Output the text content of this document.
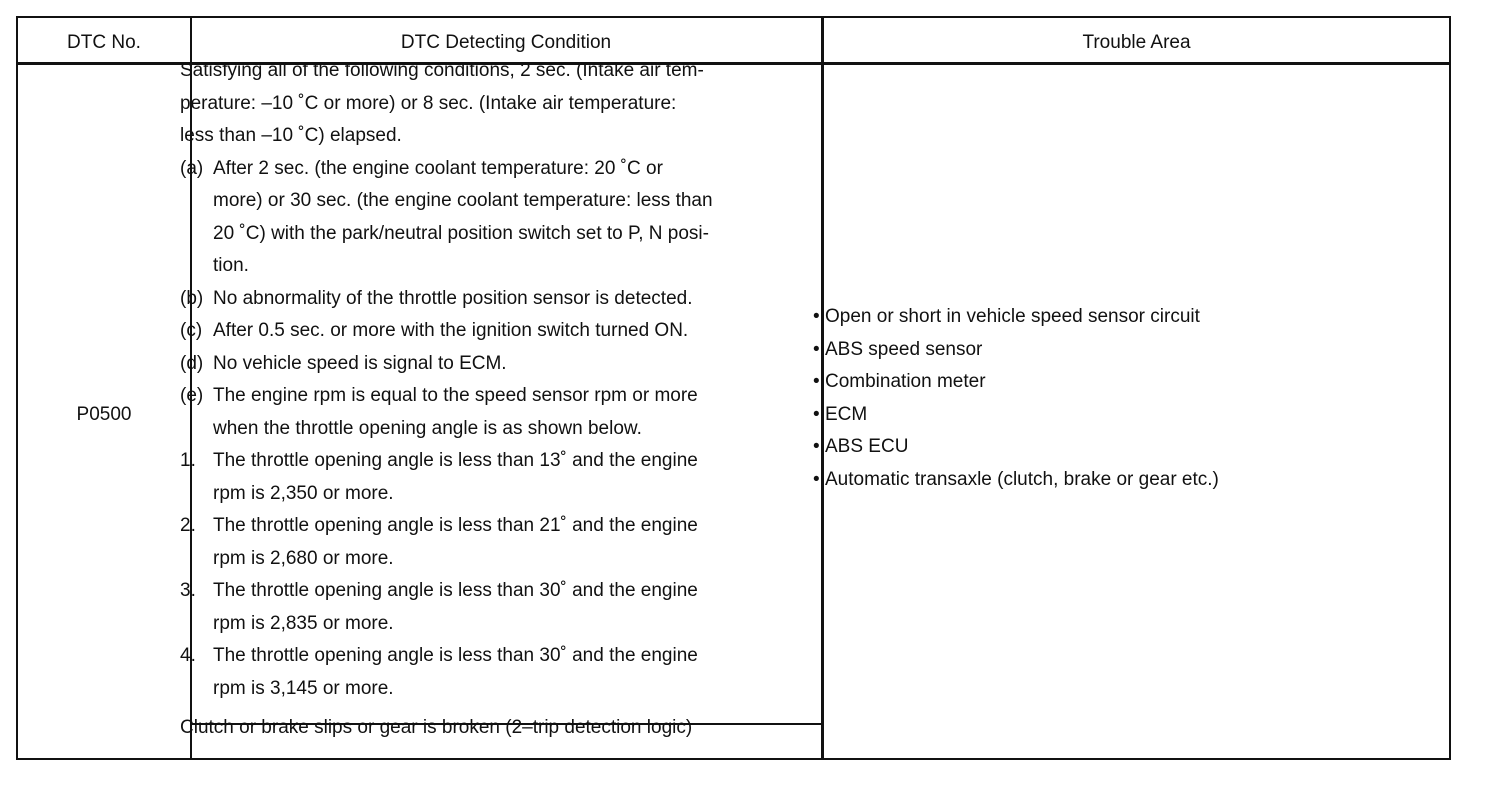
DTC No.	DTC Detecting Condition	Trouble Area
P0500

Satisfying all of the following conditions, 2 sec. (Intake air tem-

perature: –10 ˚C or more) or 8 sec. (Intake air temperature:

less than –10 ˚C) elapsed.

(a) After 2 sec. (the engine coolant temperature: 20 ˚C or
more) or 30 sec. (the engine coolant temperature: less than
20 ˚C) with the park/neutral position switch set to P, N posi-
tion.
(b) No abnormality of the throttle position sensor is detected.
(c) After 0.5 sec. or more with the ignition switch turned ON.
(d) No vehicle speed is signal to ECM.
(e) The engine rpm is equal to the speed sensor rpm or more
when the throttle opening angle is as shown below.
1. The throttle opening angle is less than 13˚ and the engine
rpm is 2,350 or more.
2. The throttle opening angle is less than 21˚ and the engine
rpm is 2,680 or more.
3. The throttle opening angle is less than 30˚ and the engine
rpm is 2,835 or more.
4. The throttle opening angle is less than 30˚ and the engine
rpm is 3,145 or more.
Clutch or brake slips or gear is broken (2–trip detection logic)
• Open or short in vehicle speed sensor circuit
• ABS speed sensor
• Combination meter
• ECM
• ABS ECU
• Automatic transaxle (clutch, brake or gear etc.)
